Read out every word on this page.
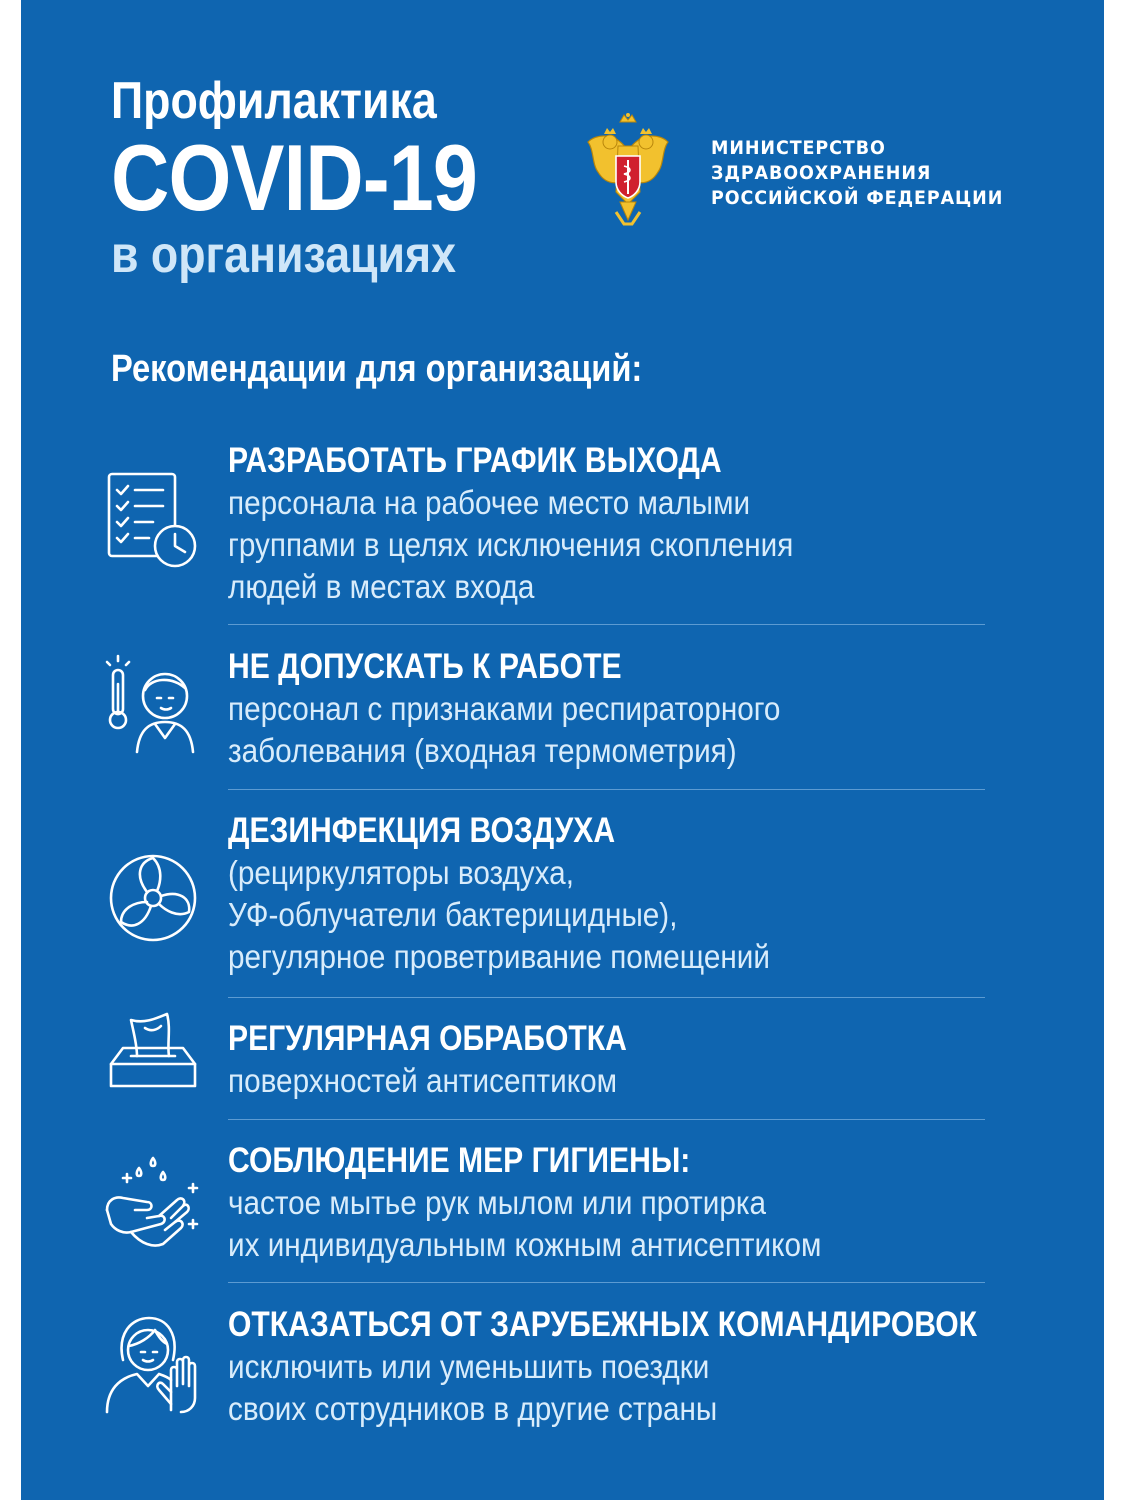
Профилактика
COVID-19
в организациях
МИНИСТЕРСТВО
ЗДРАВООХРАНЕНИЯ
РОССИЙСКОЙ ФЕДЕРАЦИИ
Рекомендации для организаций:
РАЗРАБОТАТЬ ГРАФИК ВЫХОДА
персонала на рабочее место малыми
группами в целях исключения скопления
людей в местах входа
НЕ ДОПУСКАТЬ К РАБОТЕ
персонал с признаками респираторного
заболевания (входная термометрия)
ДЕЗИНФЕКЦИЯ ВОЗДУХА
(рециркуляторы воздуха,
УФ-облучатели бактерицидные),
регулярное проветривание помещений
РЕГУЛЯРНАЯ ОБРАБОТКА
поверхностей антисептиком
СОБЛЮДЕНИЕ МЕР ГИГИЕНЫ:
частое мытье рук мылом или протирка
их индивидуальным кожным антисептиком
ОТКАЗАТЬСЯ ОТ ЗАРУБЕЖНЫХ КОМАНДИРОВОК
исключить или уменьшить поездки
своих сотрудников в другие страны
